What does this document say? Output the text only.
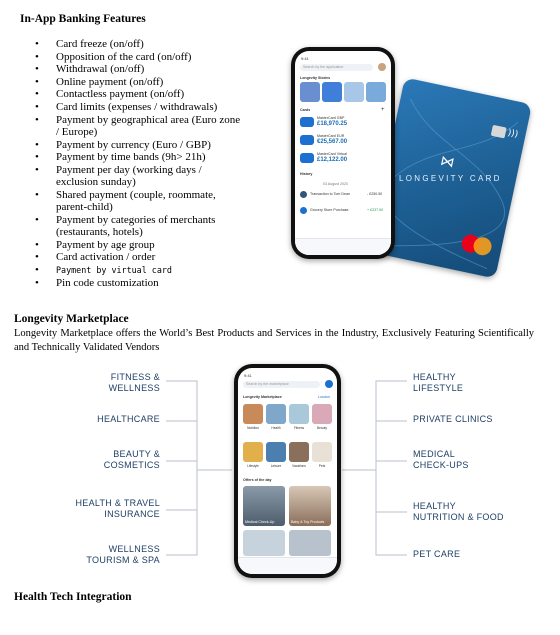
In-App Banking Features
• Card freeze (on/off)
• Opposition of the card (on/off)
• Withdrawal (on/off)
• Online payment (on/off)
• Contactless payment (on/off)
• Card limits (expenses / withdrawals)
• Payment by geographical area (Euro zone
/ Europe)
• Payment by currency (Euro / GBP)
• Payment by time bands (9h> 21h)
• Payment per day (working days /
exclusion sunday)
• Shared payment (couple, roommate,
parent-child)
• Payment by categories of merchants
(restaurants, hotels)
• Payment by age group
• Card activation / order
• Payment by virtual card
• Pin code customization
)))
⋈
LONGEVITY CARD
9:41
Search by the application
Longevity Stories
Cards	+
MasterCard GBP
£18,970.25
MasterCard EUR
€25,567.00
MasterCard Virtual
£12,122.00
History
03 August 2020
Transaction to Tom Dean	- £250.50
Grocery Store Purchase	+ £237.00
Longevity Marketplace
Longevity Marketplace offers the World’s Best Products and Services in the Industry, Exclusively Featuring Scientifically and Technically Validated Vendors
FITNESS &
WELLNESS
HEALTHCARE
BEAUTY &
COSMETICS
HEALTH & TRAVEL
INSURANCE
WELLNESS
TOURISM & SPA
HEALTHY
LIFESTYLE
PRIVATE CLINICS
MEDICAL
CHECK-UPS
HEALTHY
NUTRITION & FOOD
PET CARE
9:41
Search by the marketplace
Longevity Marketplace	London
Nutrition	Health	Fitness	Beauty
Lifestyle	Leisure	Vacations	Pets
Offers of the day
Medical Check-Up	Baby & Toy Products
Health Tech Integration
